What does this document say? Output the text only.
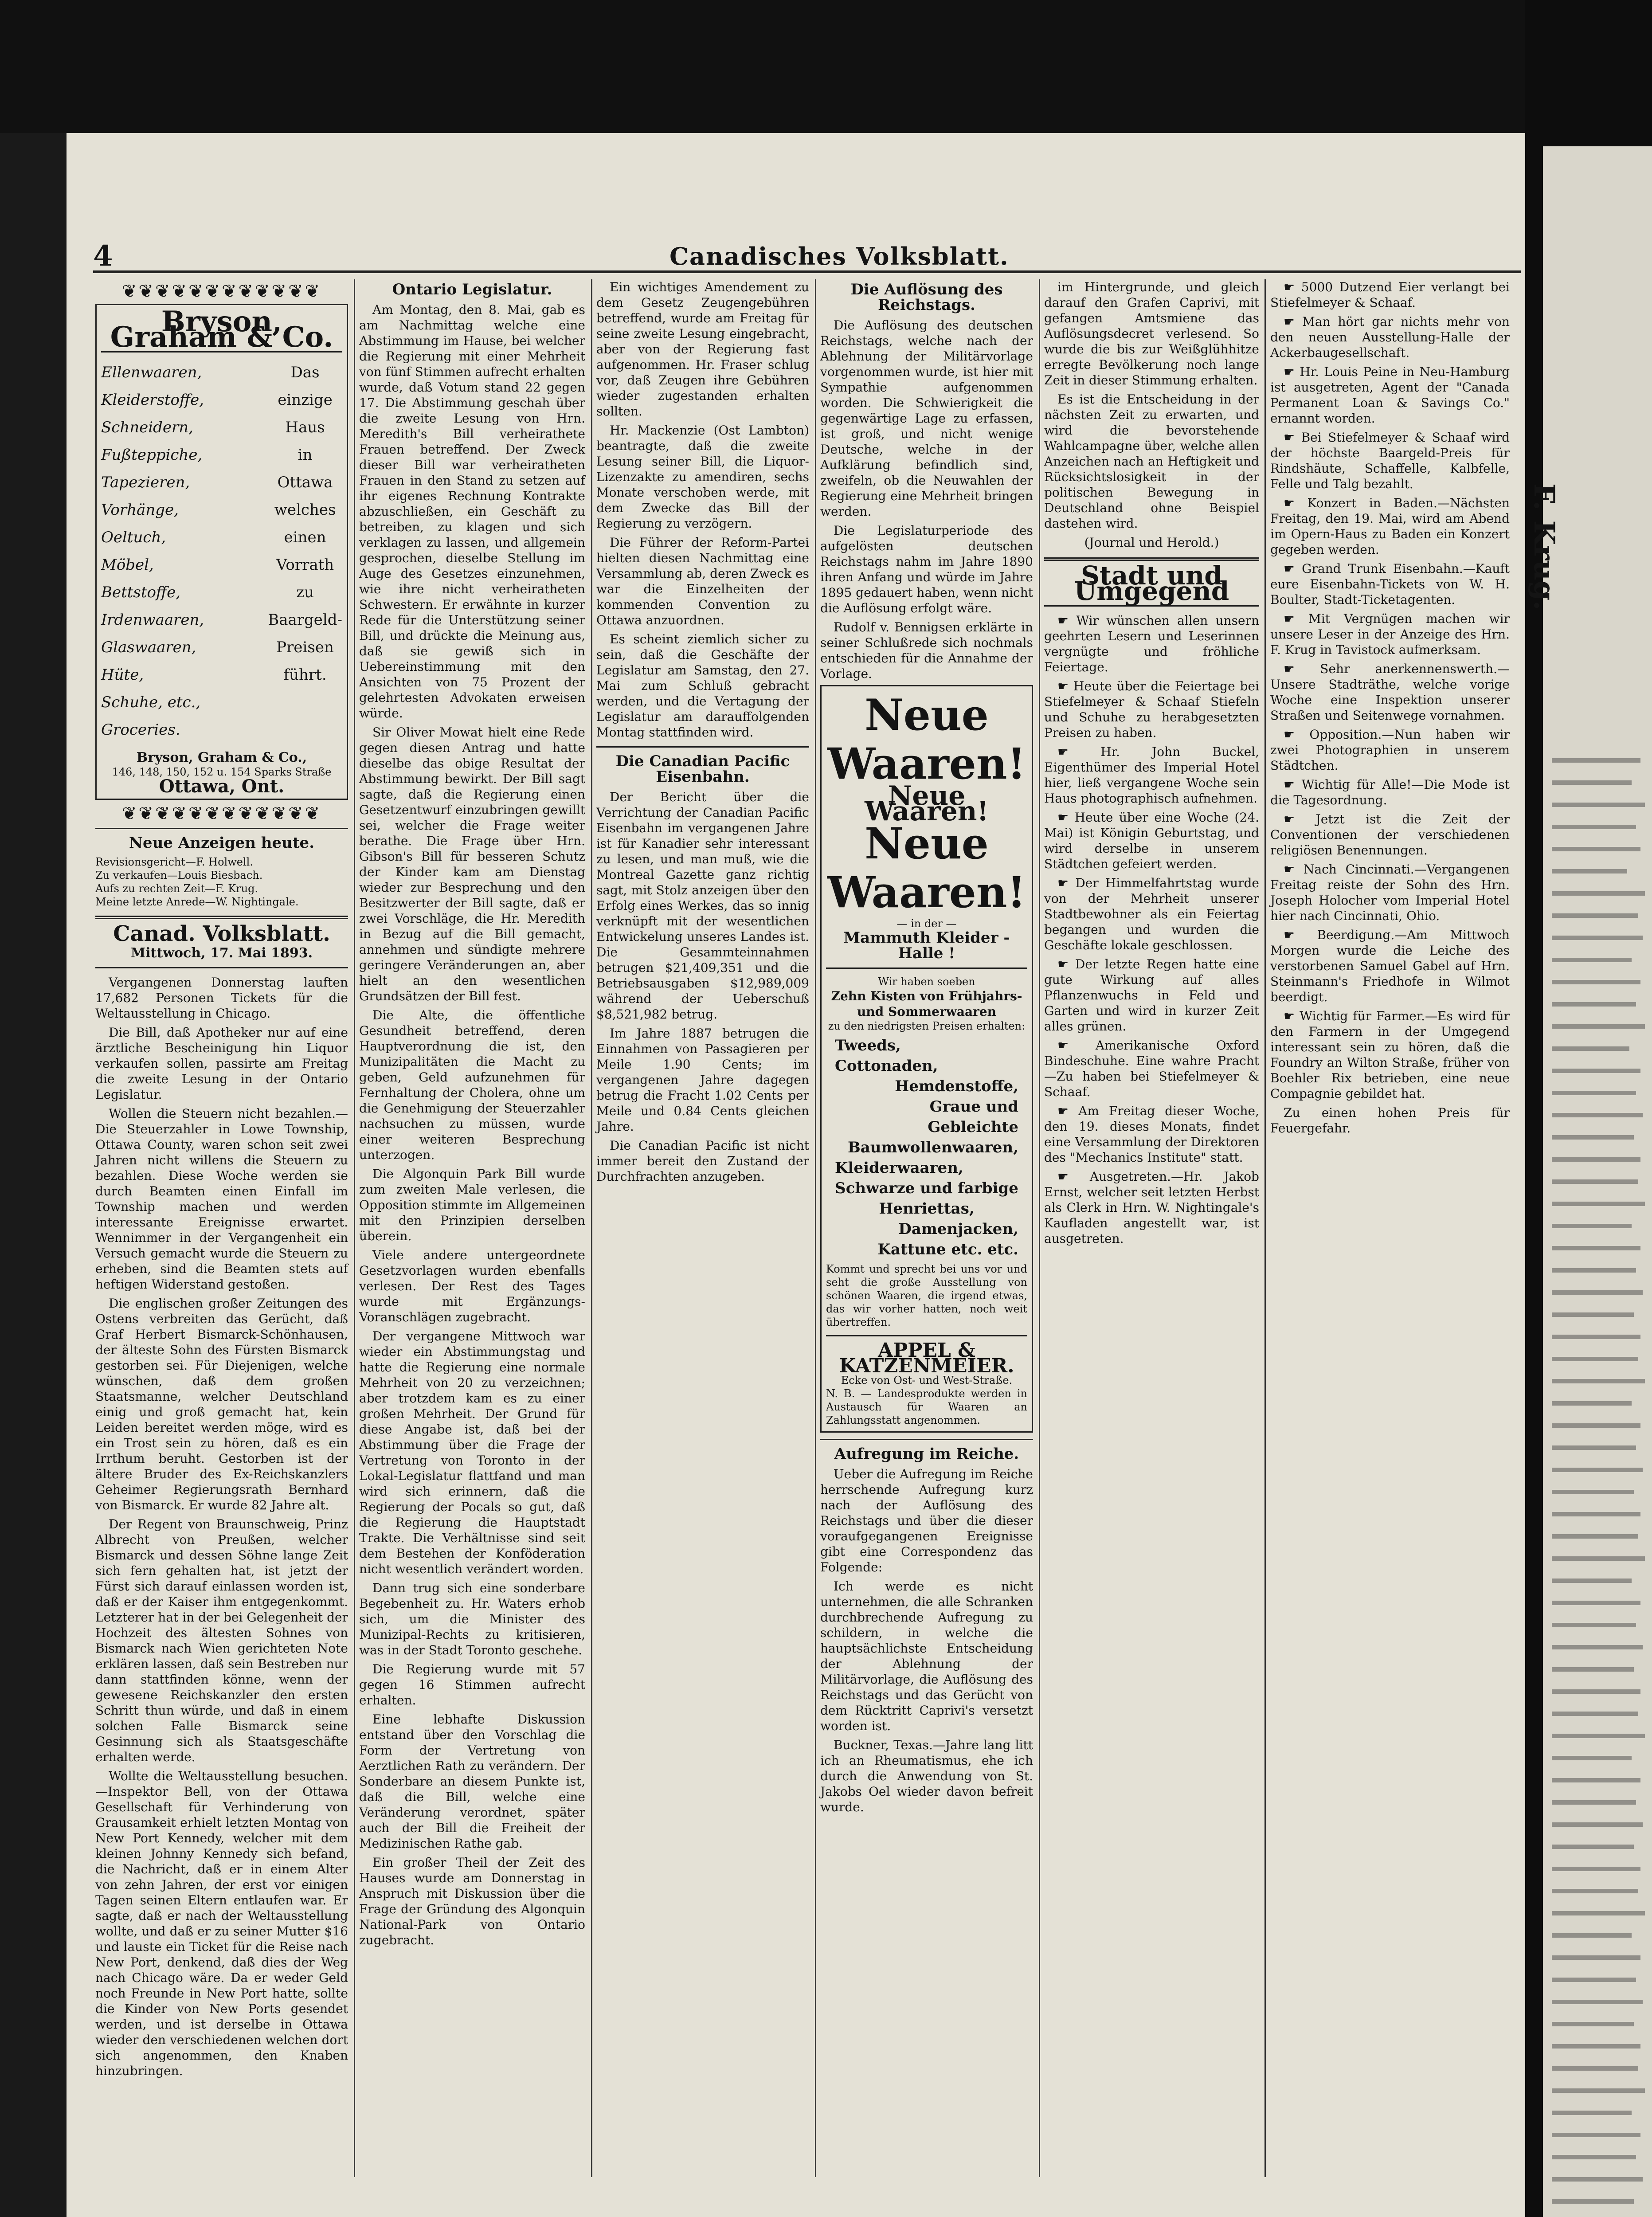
4	Canadisches Volksblatt.
❦❦❦❦❦❦❦❦❦❦❦❦
Bryson, Graham & Co.
Ellenwaaren,
Kleiderstoffe,
Schneidern,
Fußteppiche,
Tapezieren,
Vorhänge,
Oeltuch,
Möbel,
Bettstoffe,
Irdenwaaren,
Glaswaaren,
Hüte,
Schuhe, etc.,
Groceries.
Das
einzige
Haus
in
Ottawa
welches
einen
Vorrath
zu
Baargeld-
Preisen
führt.
Bryson, Graham & Co.,
146, 148, 150, 152 u. 154 Sparks Straße
Ottawa, Ont.
❦❦❦❦❦❦❦❦❦❦❦❦
Neue Anzeigen heute.
Revisionsgericht—F. Holwell.
Zu verkaufen—Louis Biesbach.
Aufs zu rechten Zeit—F. Krug.
Meine letzte Anrede—W. Nightingale.
Canad. Volksblatt.
Mittwoch, 17. Mai 1893.

Vergangenen Donnerstag lauften 17,682 Personen Tickets für die Weltausstellung in Chicago.

Die Bill, daß Apotheker nur auf eine ärztliche Bescheinigung hin Liquor verkaufen sollen, passirte am Freitag die zweite Lesung in der Ontario Legislatur.

Wollen die Steuern nicht bezahlen.—Die Steuerzahler in Lowe Township, Ottawa County, waren schon seit zwei Jahren nicht willens die Steuern zu bezahlen. Diese Woche werden sie durch Beamten einen Einfall im Township machen und werden interessante Ereignisse erwartet. Wennimmer in der Vergangenheit ein Versuch gemacht wurde die Steuern zu erheben, sind die Beamten stets auf heftigen Widerstand gestoßen.

Die englischen großer Zeitungen des Ostens verbreiten das Gerücht, daß Graf Herbert Bismarck-Schönhausen, der älteste Sohn des Fürsten Bismarck gestorben sei. Für Diejenigen, welche wünschen, daß dem großen Staatsmanne, welcher Deutschland einig und groß gemacht hat, kein Leiden bereitet werden möge, wird es ein Trost sein zu hören, daß es ein Irrthum beruht. Gestorben ist der ältere Bruder des Ex-Reichskanzlers Geheimer Regierungsrath Bernhard von Bismarck. Er wurde 82 Jahre alt.

Der Regent von Braunschweig, Prinz Albrecht von Preußen, welcher Bismarck und dessen Söhne lange Zeit sich fern gehalten hat, ist jetzt der Fürst sich darauf einlassen worden ist, daß er der Kaiser ihm entgegenkommt. Letzterer hat in der bei Gelegenheit der Hochzeit des ältesten Sohnes von Bismarck nach Wien gerichteten Note erklären lassen, daß sein Bestreben nur dann stattfinden könne, wenn der gewesene Reichskanzler den ersten Schritt thun würde, und daß in einem solchen Falle Bismarck seine Gesinnung sich als Staatsgeschäfte erhalten werde.

Wollte die Weltausstellung besuchen.—Inspektor Bell, von der Ottawa Gesellschaft für Verhinderung von Grausamkeit erhielt letzten Montag von New Port Kennedy, welcher mit dem kleinen Johnny Kennedy sich befand, die Nachricht, daß er in einem Alter von zehn Jahren, der erst vor einigen Tagen seinen Eltern entlaufen war. Er sagte, daß er nach der Weltausstellung wollte, und daß er zu seiner Mutter $16 und lauste ein Ticket für die Reise nach New Port, denkend, daß dies der Weg nach Chicago wäre. Da er weder Geld noch Freunde in New Port hatte, sollte die Kinder von New Ports gesendet werden, und ist derselbe in Ottawa wieder den verschiedenen welchen dort sich angenommen, den Knaben hinzubringen.

Ontario Legislatur.

Am Montag, den 8. Mai, gab es am Nachmittag welche eine Abstimmung im Hause, bei welcher die Regierung mit einer Mehrheit von fünf Stimmen aufrecht erhalten wurde, daß Votum stand 22 gegen 17. Die Abstimmung geschah über die zweite Lesung von Hrn. Meredith's Bill verheirathete Frauen betreffend. Der Zweck dieser Bill war verheiratheten Frauen in den Stand zu setzen auf ihr eigenes Rechnung Kontrakte abzuschließen, ein Geschäft zu betreiben, zu klagen und sich verklagen zu lassen, und allgemein gesprochen, dieselbe Stellung im Auge des Gesetzes einzunehmen, wie ihre nicht verheiratheten Schwestern. Er erwähnte in kurzer Rede für die Unterstützung seiner Bill, und drückte die Meinung aus, daß sie gewiß sich in Uebereinstimmung mit den Ansichten von 75 Prozent der gelehrtesten Advokaten erweisen würde.

Sir Oliver Mowat hielt eine Rede gegen diesen Antrag und hatte dieselbe das obige Resultat der Abstimmung bewirkt. Der Bill sagt sagte, daß die Regierung einen Gesetzentwurf einzubringen gewillt sei, welcher die Frage weiter berathe. Die Frage über Hrn. Gibson's Bill für besseren Schutz der Kinder kam am Dienstag wieder zur Besprechung und den Besitzwerter der Bill sagte, daß er zwei Vorschläge, die Hr. Meredith in Bezug auf die Bill gemacht, annehmen und sündigte mehrere geringere Veränderungen an, aber hielt an den wesentlichen Grundsätzen der Bill fest.

Die Alte, die öffentliche Gesundheit betreffend, deren Hauptverordnung die ist, den Munizipalitäten die Macht zu geben, Geld aufzunehmen für Fernhaltung der Cholera, ohne um die Genehmigung der Steuerzahler nachsuchen zu müssen, wurde einer weiteren Besprechung unterzogen.

Die Algonquin Park Bill wurde zum zweiten Male verlesen, die Opposition stimmte im Allgemeinen mit den Prinzipien derselben überein.

Viele andere untergeordnete Gesetzvorlagen wurden ebenfalls verlesen. Der Rest des Tages wurde mit Ergänzungs-Voranschlägen zugebracht.

Der vergangene Mittwoch war wieder ein Abstimmungstag und hatte die Regierung eine normale Mehrheit von 20 zu verzeichnen; aber trotzdem kam es zu einer großen Mehrheit. Der Grund für diese Angabe ist, daß bei der Abstimmung über die Frage der Vertretung von Toronto in der Lokal-Legislatur flattfand und man wird sich erinnern, daß die Regierung der Pocals so gut, daß die Regierung die Hauptstadt Trakte. Die Verhältnisse sind seit dem Bestehen der Konföderation nicht wesentlich verändert worden.

Dann trug sich eine sonderbare Begebenheit zu. Hr. Waters erhob sich, um die Minister des Munizipal-Rechts zu kritisieren, was in der Stadt Toronto geschehe.

Die Regierung wurde mit 57 gegen 16 Stimmen aufrecht erhalten.

Eine lebhafte Diskussion entstand über den Vorschlag die Form der Vertretung von Aerztlichen Rath zu verändern. Der Sonderbare an diesem Punkte ist, daß die Bill, welche eine Veränderung verordnet, später auch der Bill die Freiheit der Medizinischen Rathe gab.

Ein großer Theil der Zeit des Hauses wurde am Donnerstag in Anspruch mit Diskussion über die Frage der Gründung des Algonquin National-Park von Ontario zugebracht.

Ein wichtiges Amendement zu dem Gesetz Zeugengebühren betreffend, wurde am Freitag für seine zweite Lesung eingebracht, aber von der Regierung fast aufgenommen. Hr. Fraser schlug vor, daß Zeugen ihre Gebühren wieder zugestanden erhalten sollten.

Hr. Mackenzie (Ost Lambton) beantragte, daß die zweite Lesung seiner Bill, die Liquor-Lizenzakte zu amendiren, sechs Monate verschoben werde, mit dem Zwecke das Bill der Regierung zu verzögern.

Die Führer der Reform-Partei hielten diesen Nachmittag eine Versammlung ab, deren Zweck es war die Einzelheiten der kommenden Convention zu Ottawa anzuordnen.

Es scheint ziemlich sicher zu sein, daß die Geschäfte der Legislatur am Samstag, den 27. Mai zum Schluß gebracht werden, und die Vertagung der Legislatur am darauffolgenden Montag stattfinden wird.

Die Canadian Pacific Eisenbahn.

Der Bericht über die Verrichtung der Canadian Pacific Eisenbahn im vergangenen Jahre ist für Kanadier sehr interessant zu lesen, und man muß, wie die Montreal Gazette ganz richtig sagt, mit Stolz anzeigen über den Erfolg eines Werkes, das so innig verknüpft mit der wesentlichen Entwickelung unseres Landes ist. Die Gesammteinnahmen betrugen $21,409,351 und die Betriebsausgaben $12,989,009 während der Ueberschuß $8,521,982 betrug.

Im Jahre 1887 betrugen die Einnahmen von Passagieren per Meile 1.90 Cents; im vergangenen Jahre dagegen betrug die Fracht 1.02 Cents per Meile und 0.84 Cents gleichen Jahre.

Die Canadian Pacific ist nicht immer bereit den Zustand der Durchfrachten anzugeben.

Die Auflösung des Reichstags.

Die Auflösung des deutschen Reichstags, welche nach der Ablehnung der Militärvorlage vorgenommen wurde, ist hier mit Sympathie aufgenommen worden. Die Schwierigkeit die gegenwärtige Lage zu erfassen, ist groß, und nicht wenige Deutsche, welche in der Aufklärung befindlich sind, zweifeln, ob die Neuwahlen der Regierung eine Mehrheit bringen werden.

Die Legislaturperiode des aufgelösten deutschen Reichstags nahm im Jahre 1890 ihren Anfang und würde im Jahre 1895 gedauert haben, wenn nicht die Auflösung erfolgt wäre.

Rudolf v. Bennigsen erklärte in seiner Schlußrede sich nochmals entschieden für die Annahme der Vorlage.

Neue Waaren!
Neue Waaren!
Neue Waaren!
— in der —
Mammuth Kleider - Halle !
Wir haben soeben
Zehn Kisten von Frühjahrs- und Sommerwaaren
zu den niedrigsten Preisen erhalten:
Tweeds,
Cottonaden,
Hemdenstoffe,
Graue und Gebleichte Baumwollenwaaren,
Kleiderwaaren,
Schwarze und farbige Henriettas,
Damenjacken,
Kattune etc. etc.
Kommt und sprecht bei uns vor und seht die große Ausstellung von schönen Waaren, die irgend etwas, das wir vorher hatten, noch weit übertreffen.
APPEL & KATZENMEIER.
Ecke von Ost- und West-Straße.
N. B. — Landesprodukte werden in Austausch für Waaren an Zahlungsstatt angenommen.
Aufregung im Reiche.

Ueber die Aufregung im Reiche herrschende Aufregung kurz nach der Auflösung des Reichstags und über die dieser voraufgegangenen Ereignisse gibt eine Correspondenz das Folgende:

Ich werde es nicht unternehmen, die alle Schranken durchbrechende Aufregung zu schildern, in welche die hauptsächlichste Entscheidung der Ablehnung der Militärvorlage, die Auflösung des Reichstags und das Gerücht von dem Rücktritt Caprivi's versetzt worden ist.

Buckner, Texas.—Jahre lang litt ich an Rheumatismus, ehe ich durch die Anwendung von St. Jakobs Oel wieder davon befreit wurde.

im Hintergrunde, und gleich darauf den Grafen Caprivi, mit gefangen Amtsmiene das Auflösungsdecret verlesend. So wurde die bis zur Weißglühhitze erregte Bevölkerung noch lange Zeit in dieser Stimmung erhalten.

Es ist die Entscheidung in der nächsten Zeit zu erwarten, und wird die bevorstehende Wahlcampagne über, welche allen Anzeichen nach an Heftigkeit und Rücksichtslosigkeit in der politischen Bewegung in Deutschland ohne Beispiel dastehen wird.

(Journal und Herold.)

Stadt und Umgegend

☛ Wir wünschen allen unsern geehrten Lesern und Leserinnen vergnügte und fröhliche Feiertage.

☛ Heute über die Feiertage bei Stiefelmeyer & Schaaf Stiefeln und Schuhe zu herabgesetzten Preisen zu haben.

☛ Hr. John Buckel, Eigenthümer des Imperial Hotel hier, ließ vergangene Woche sein Haus photographisch aufnehmen.

☛ Heute über eine Woche (24. Mai) ist Königin Geburtstag, und wird derselbe in unserem Städtchen gefeiert werden.

☛ Der Himmelfahrtstag wurde von der Mehrheit unserer Stadtbewohner als ein Feiertag begangen und wurden die Geschäfte lokale geschlossen.

☛ Der letzte Regen hatte eine gute Wirkung auf alles Pflanzenwuchs in Feld und Garten und wird in kurzer Zeit alles grünen.

☛ Amerikanische Oxford Bindeschuhe. Eine wahre Pracht—Zu haben bei Stiefelmeyer & Schaaf.

☛ Am Freitag dieser Woche, den 19. dieses Monats, findet eine Versammlung der Direktoren des "Mechanics Institute" statt.

☛ Ausgetreten.—Hr. Jakob Ernst, welcher seit letzten Herbst als Clerk in Hrn. W. Nightingale's Kaufladen angestellt war, ist ausgetreten.

☛ 5000 Dutzend Eier verlangt bei Stiefelmeyer & Schaaf.

☛ Man hört gar nichts mehr von den neuen Ausstellung-Halle der Ackerbaugesellschaft.

☛ Hr. Louis Peine in Neu-Hamburg ist ausgetreten, Agent der "Canada Permanent Loan & Savings Co." ernannt worden.

☛ Bei Stiefelmeyer & Schaaf wird der höchste Baargeld-Preis für Rindshäute, Schaffelle, Kalbfelle, Felle und Talg bezahlt.

☛ Konzert in Baden.—Nächsten Freitag, den 19. Mai, wird am Abend im Opern-Haus zu Baden ein Konzert gegeben werden.

☛ Grand Trunk Eisenbahn.—Kauft eure Eisenbahn-Tickets von W. H. Boulter, Stadt-Ticketagenten.

☛ Mit Vergnügen machen wir unsere Leser in der Anzeige des Hrn. F. Krug in Tavistock aufmerksam.

☛ Sehr anerkennenswerth.—Unsere Stadträthe, welche vorige Woche eine Inspektion unserer Straßen und Seitenwege vornahmen.

☛ Opposition.—Nun haben wir zwei Photographien in unserem Städtchen.

☛ Wichtig für Alle!—Die Mode ist die Tagesordnung.

☛ Jetzt ist die Zeit der Conventionen der verschiedenen religiösen Benennungen.

☛ Nach Cincinnati.—Vergangenen Freitag reiste der Sohn des Hrn. Joseph Holocher vom Imperial Hotel hier nach Cincinnati, Ohio.

☛ Beerdigung.—Am Mittwoch Morgen wurde die Leiche des verstorbenen Samuel Gabel auf Hrn. Steinmann's Friedhofe in Wilmot beerdigt.

☛ Wichtig für Farmer.—Es wird für den Farmern in der Umgegend interessant sein zu hören, daß die Foundry an Wilton Straße, früher von Boehler Rix betrieben, eine neue Compagnie gebildet hat.

Zu einen hohen Preis für Feuergefahr.

F. Krug.
